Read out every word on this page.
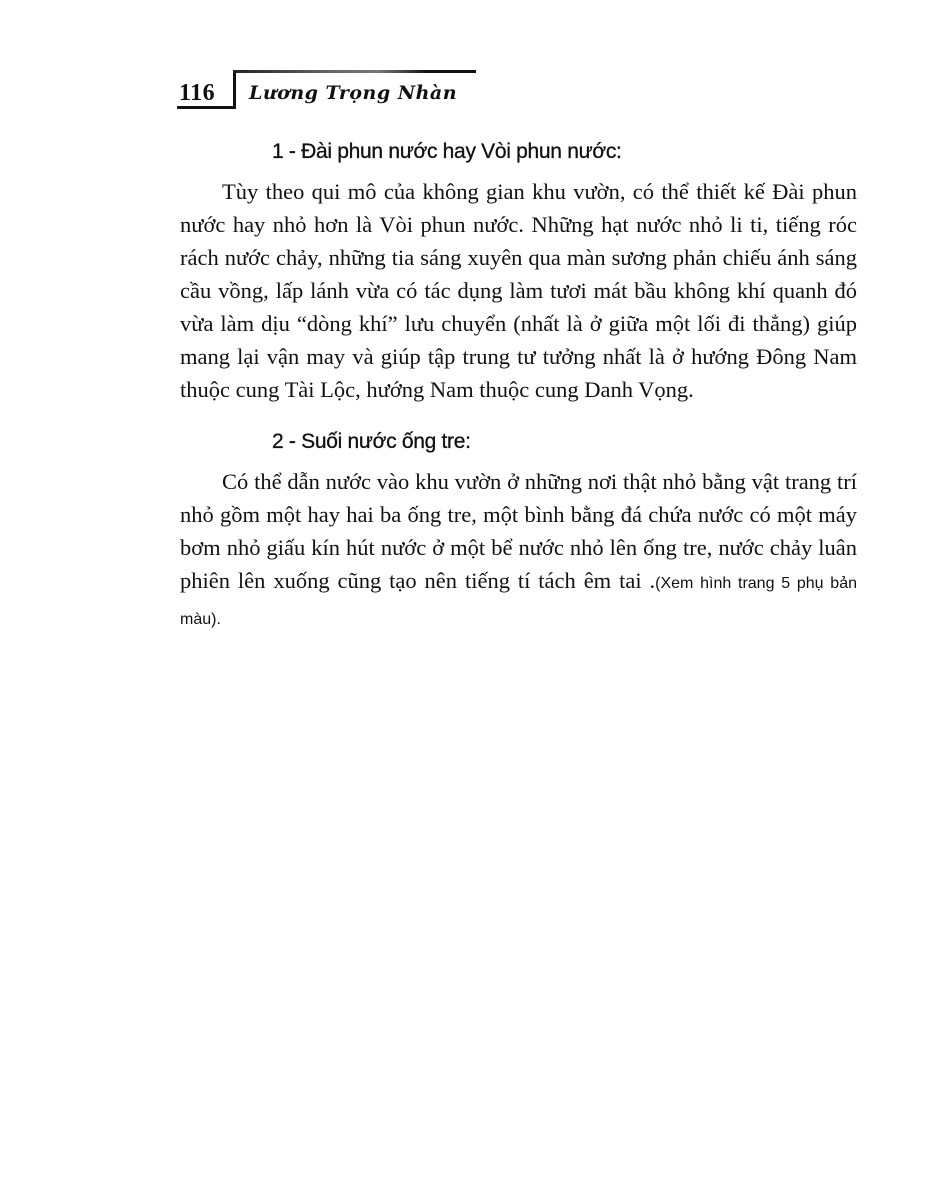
116 Lương Trọng Nhàn
1 - Đài phun nước hay Vòi phun nước:

Tùy theo qui mô của không gian khu vườn, có thể thiết kế Đài phun nước hay nhỏ hơn là Vòi phun nước. Những hạt nước nhỏ li ti, tiếng róc rách nước chảy, những tia sáng xuyên qua màn sương phản chiếu ánh sáng cầu vồng, lấp lánh vừa có tác dụng làm tươi mát bầu không khí quanh đó vừa làm dịu “dòng khí” lưu chuyển (nhất là ở giữa một lối đi thẳng) giúp mang lại vận may và giúp tập trung tư tưởng nhất là ở hướng Đông Nam thuộc cung Tài Lộc, hướng Nam thuộc cung Danh Vọng.

2 - Suối nước ống tre:

Có thể dẫn nước vào khu vườn ở những nơi thật nhỏ bằng vật trang trí nhỏ gồm một hay hai ba ống tre, một bình bằng đá chứa nước có một máy bơm nhỏ giấu kín hút nước ở một bể nước nhỏ lên ống tre, nước chảy luân phiên lên xuống cũng tạo nên tiếng tí tách êm tai .(Xem hình trang 5 phụ bản màu).
